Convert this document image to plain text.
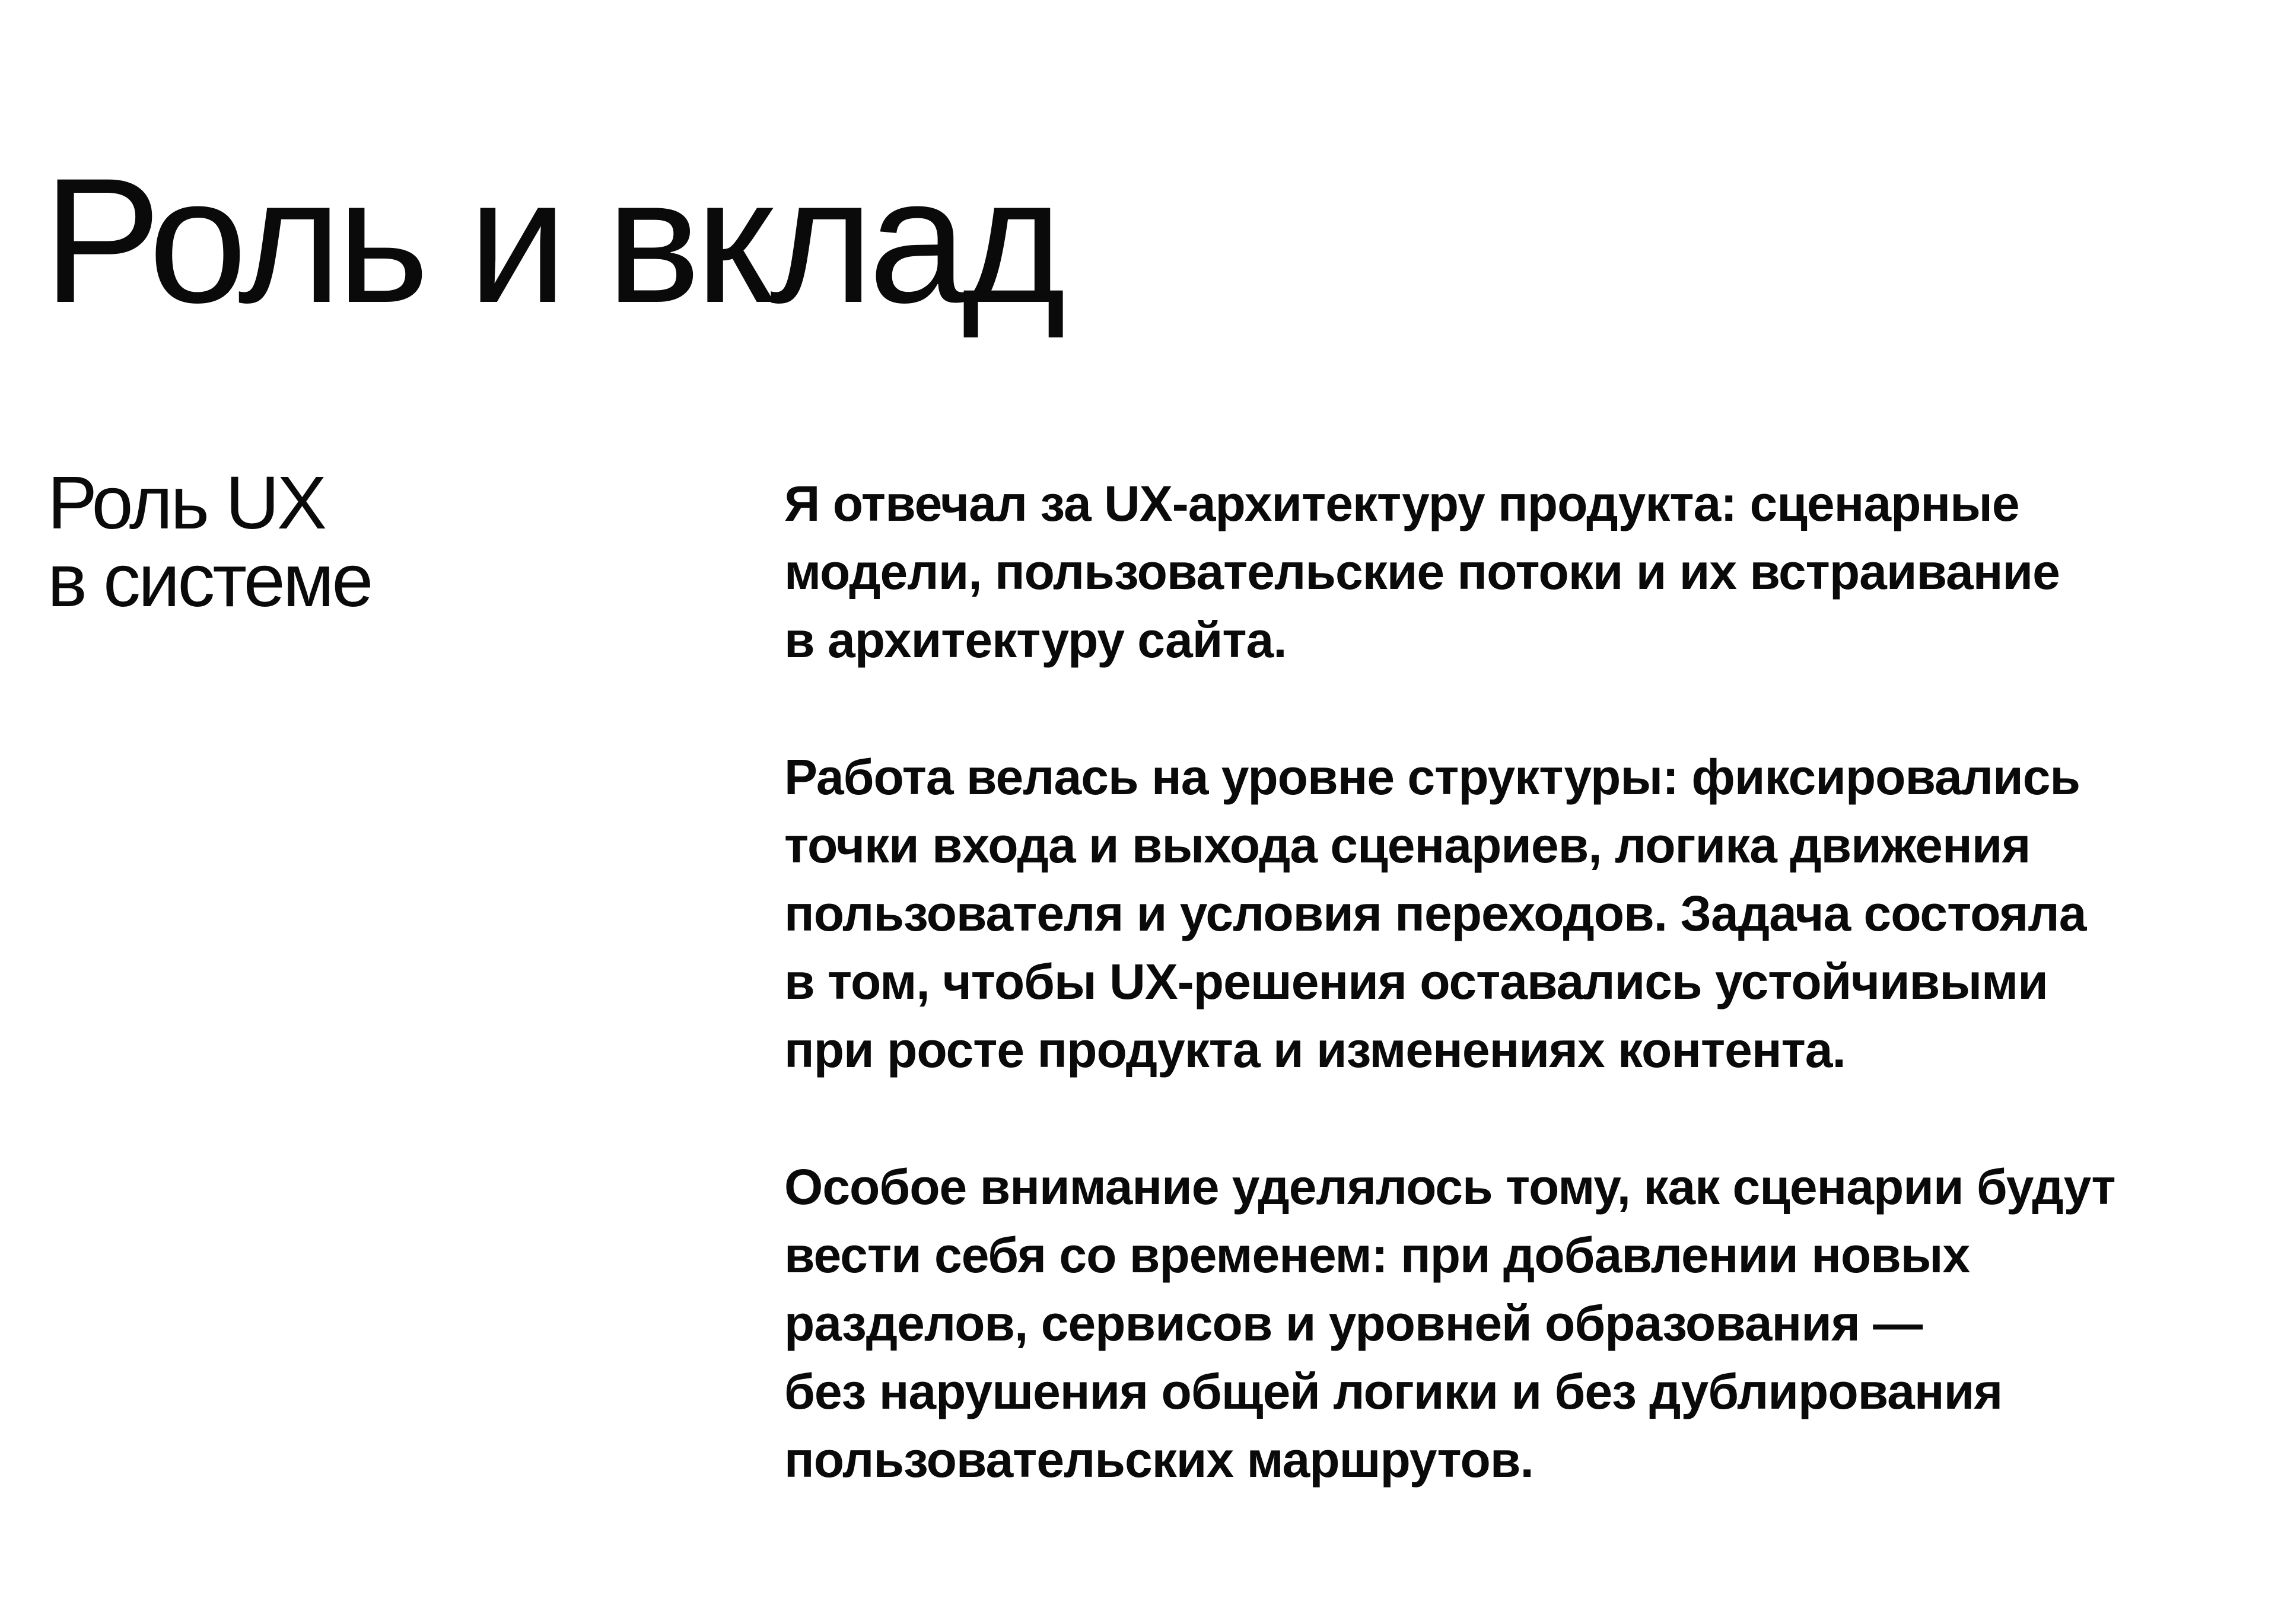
Роль и вклад
Роль UX
в системе

Я отвечал за UX-архитектуру продукта: сценарные
модели, пользовательские потоки и их встраивание
в архитектуру сайта.

Работа велась на уровне структуры: фиксировались
точки входа и выхода сценариев, логика движения
пользователя и условия переходов. Задача состояла
в том, чтобы UX-решения оставались устойчивыми
при росте продукта и изменениях контента.

Особое внимание уделялось тому, как сценарии будут
вести себя со временем: при добавлении новых
разделов, сервисов и уровней образования —
без нарушения общей логики и без дублирования
пользовательских маршрутов.
